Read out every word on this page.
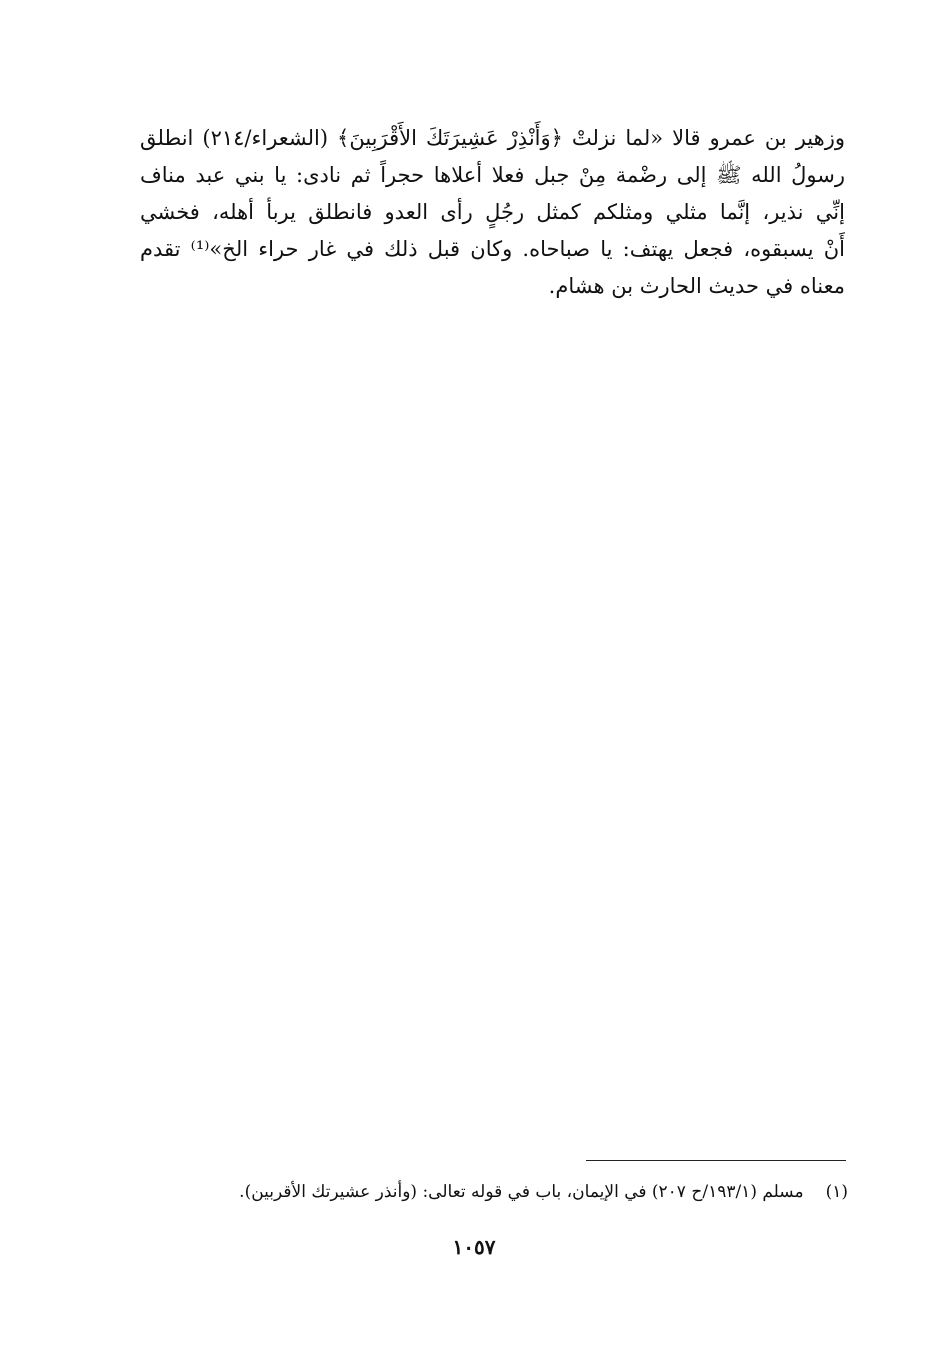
وزهير بن عمرو قالا «لما نزلتْ ﴿وَأَنْذِرْ عَشِيرَتَكَ الأَقْرَبِينَ﴾ (الشعراء/٢١٤) انطلق
رسولُ الله ﷺ إلى رضْمة مِنْ جبل فعلا أعلاها حجراً ثم نادى: يا بني عبد مناف
إنِّي نذير، إنَّما مثلي ومثلكم كمثل رجُلٍ رأى العدو فانطلق يربأ أهله، فخشي
أَنْ يسبقوه، فجعل يهتف: يا صباحاه. وكان قبل ذلك في غار حراء الخ»⁽¹⁾ تقدم
معناه في حديث الحارث بن هشام.
(١)مسلم (١٩٣/١/ح ٢٠٧) في الإيمان، باب في قوله تعالى: (وأنذر عشيرتك الأقربين).
١٠٥٧
